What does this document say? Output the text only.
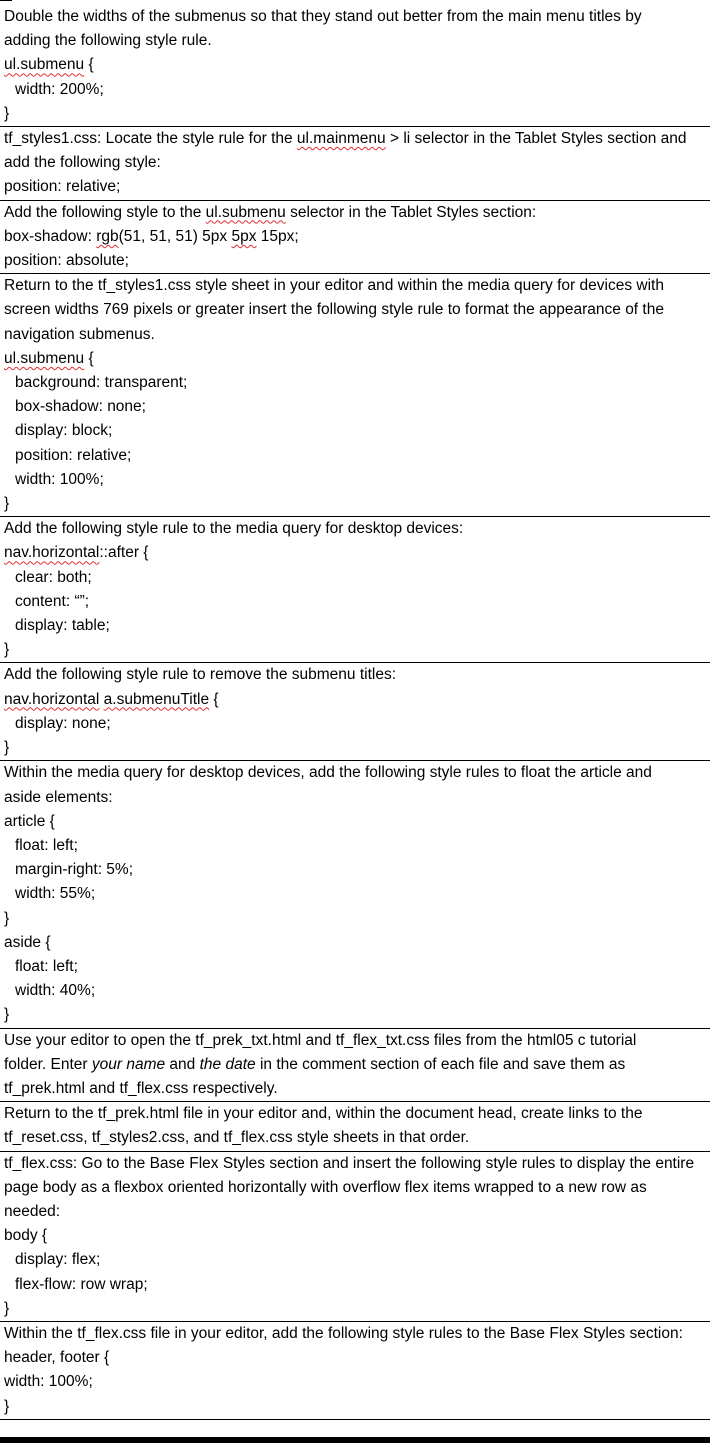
Double the widths of the submenus so that they stand out better from the main menu titles by
adding the following style rule.
ul.submenu {
width: 200%;
}

tf_styles1.css: Locate the style rule for the ul.mainmenu > li selector in the Tablet Styles section and
add the following style:
position: relative;

Add the following style to the ul.submenu selector in the Tablet Styles section:
box-shadow: rgb(51, 51, 51) 5px 5px 15px;
position: absolute;

Return to the tf_styles1.css style sheet in your editor and within the media query for devices with
screen widths 769 pixels or greater insert the following style rule to format the appearance of the
navigation submenus.
ul.submenu {
background: transparent;
box-shadow: none;
display: block;
position: relative;
width: 100%;
}

Add the following style rule to the media query for desktop devices:
nav.horizontal::after {
clear: both;
content: “”;
display: table;
}

Add the following style rule to remove the submenu titles:
nav.horizontal a.submenuTitle {
display: none;
}

Within the media query for desktop devices, add the following style rules to float the article and
aside elements:
article {
float: left;
margin-right: 5%;
width: 55%;
}
aside {
float: left;
width: 40%;
}

Use your editor to open the tf_prek_txt.html and tf_flex_txt.css files from the html05 c tutorial
folder. Enter your name and the date in the comment section of each file and save them as
tf_prek.html and tf_flex.css respectively.

Return to the tf_prek.html file in your editor and, within the document head, create links to the
tf_reset.css, tf_styles2.css, and tf_flex.css style sheets in that order.

tf_flex.css: Go to the Base Flex Styles section and insert the following style rules to display the entire
page body as a flexbox oriented horizontally with overflow flex items wrapped to a new row as
needed:
body {
display: flex;
flex-flow: row wrap;
}

Within the tf_flex.css file in your editor, add the following style rules to the Base Flex Styles section:
header, footer {
width: 100%;
}
